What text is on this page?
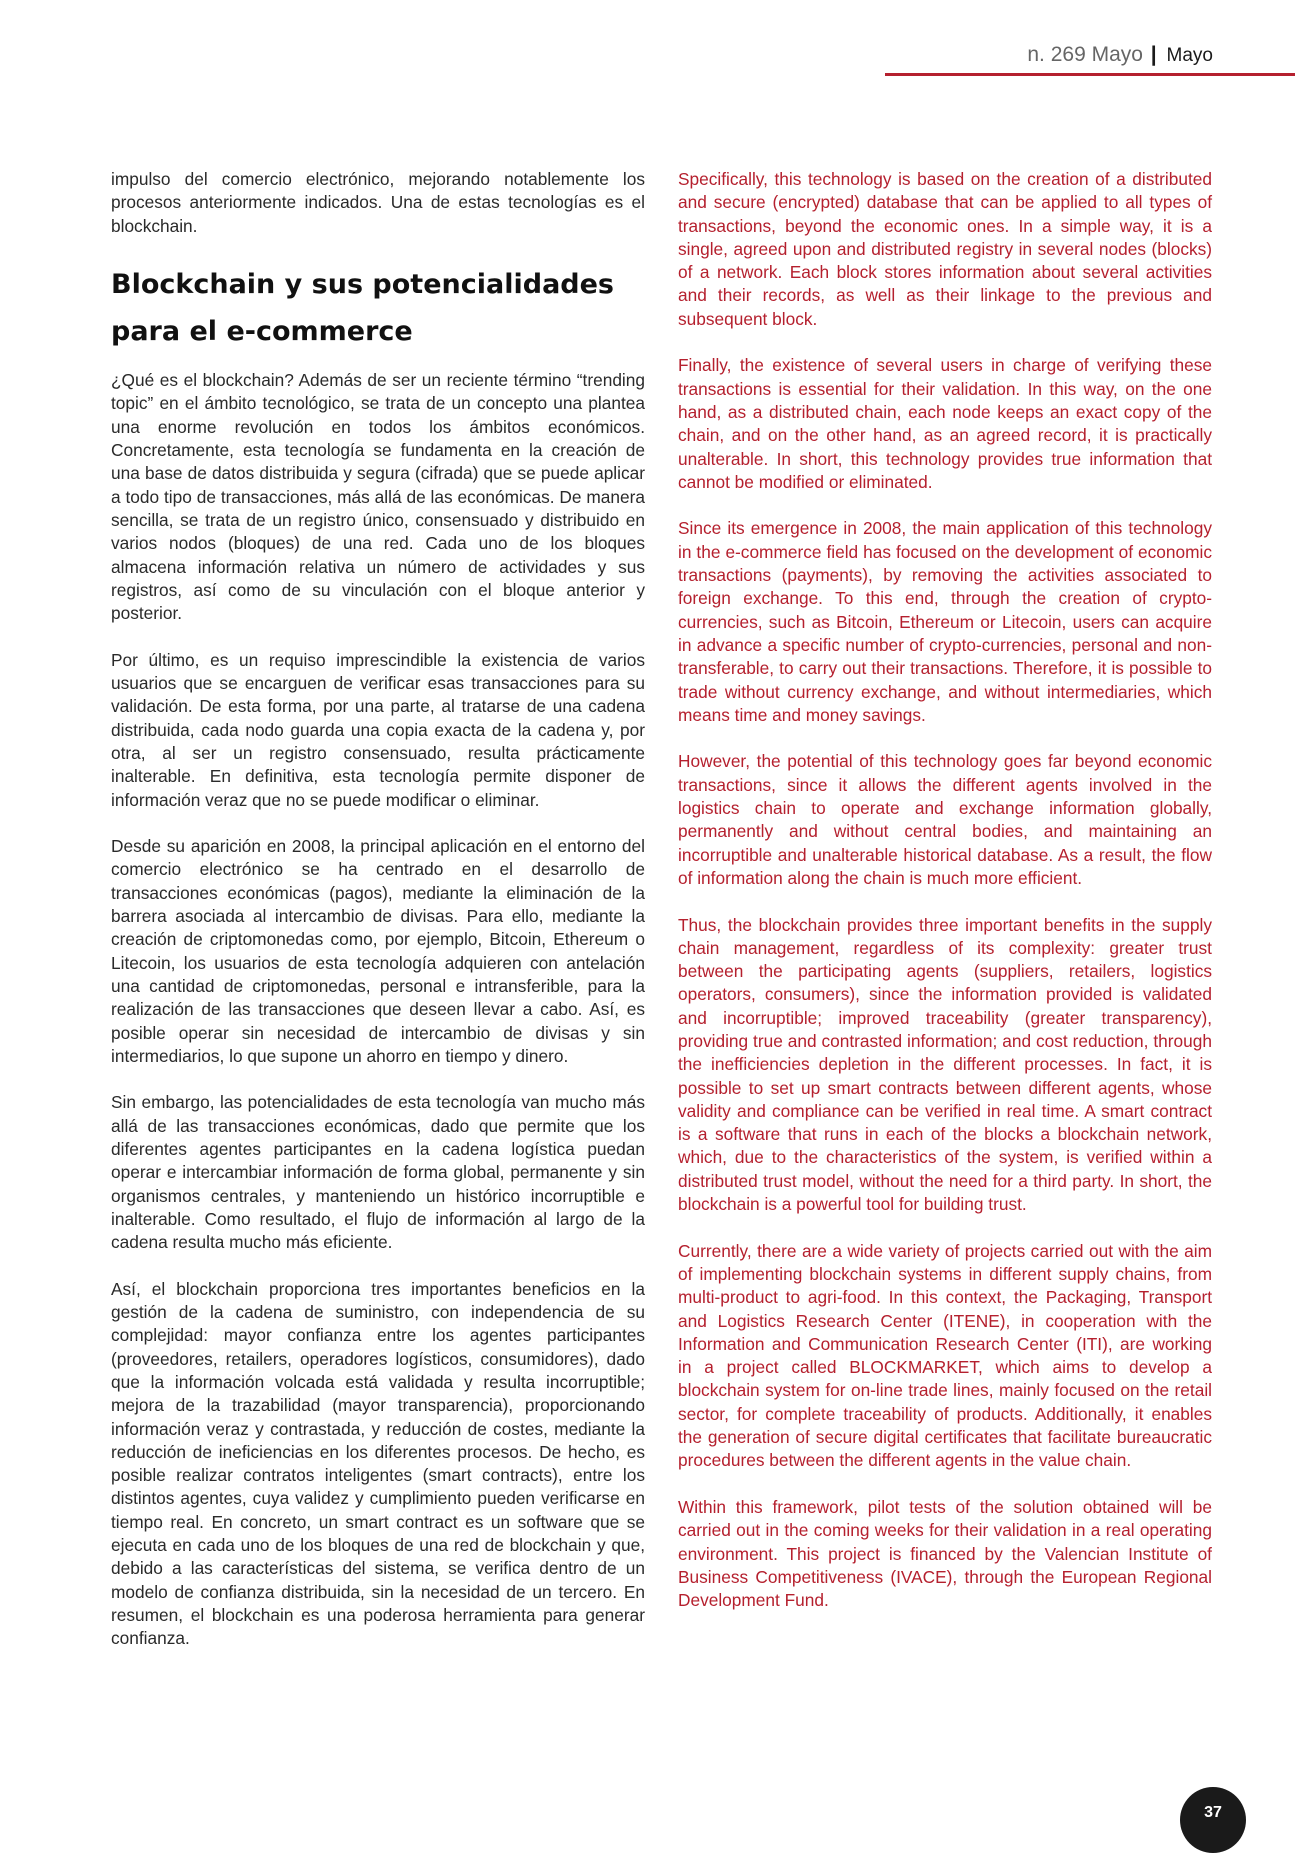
n. 269 Mayo | Mayo

impulso del comercio electrónico, mejorando notablemente los procesos anteriormente indicados. Una de estas tecnologías es el blockchain.

Blockchain y sus potencialidades para el e-commerce

¿Qué es el blockchain? Además de ser un reciente término “trending topic” en el ámbito tecnológico, se trata de un concepto una plantea una enorme revolución en todos los ámbitos económicos. Concretamente, esta tecnología se fundamenta en la creación de una base de datos distribuida y segura (cifrada) que se puede aplicar a todo tipo de transacciones, más allá de las económicas. De manera sencilla, se trata de un registro único, consensuado y distribuido en varios nodos (bloques) de una red. Cada uno de los bloques almacena información relativa un número de actividades y sus registros, así como de su vinculación con el bloque anterior y posterior.

Por último, es un requiso imprescindible la existencia de varios usuarios que se encarguen de verificar esas transacciones para su validación. De esta forma, por una parte, al tratarse de una cadena distribuida, cada nodo guarda una copia exacta de la cadena y, por otra, al ser un registro consensuado, resulta prácticamente inalterable. En definitiva, esta tecnología permite disponer de información veraz que no se puede modificar o eliminar.

Desde su aparición en 2008, la principal aplicación en el entorno del comercio electrónico se ha centrado en el desarrollo de transacciones económicas (pagos), mediante la eliminación de la barrera asociada al intercambio de divisas. Para ello, mediante la creación de criptomonedas como, por ejemplo, Bitcoin, Ethereum o Litecoin, los usuarios de esta tecnología adquieren con antelación una cantidad de criptomonedas, personal e intransferible, para la realización de las transacciones que deseen llevar a cabo. Así, es posible operar sin necesidad de intercambio de divisas y sin intermediarios, lo que supone un ahorro en tiempo y dinero.

Sin embargo, las potencialidades de esta tecnología van mucho más allá de las transacciones económicas, dado que permite que los diferentes agentes participantes en la cadena logística puedan operar e intercambiar información de forma global, permanente y sin organismos centrales, y manteniendo un histórico incorruptible e inalterable. Como resultado, el flujo de información al largo de la cadena resulta mucho más eficiente.

Así, el blockchain proporciona tres importantes beneficios en la gestión de la cadena de suministro, con independencia de su complejidad: mayor confianza entre los agentes participantes (proveedores, retailers, operadores logísticos, consumidores), dado que la información volcada está validada y resulta incorruptible; mejora de la trazabilidad (mayor transparencia), proporcionando información veraz y contrastada, y reducción de costes, mediante la reducción de ineficiencias en los diferentes procesos. De hecho, es posible realizar contratos inteligentes (smart contracts), entre los distintos agentes, cuya validez y cumplimiento pueden verificarse en tiempo real. En concreto, un smart contract es un software que se ejecuta en cada uno de los bloques de una red de blockchain y que, debido a las características del sistema, se verifica dentro de un modelo de confianza distribuida, sin la necesidad de un tercero. En resumen, el blockchain es una poderosa herramienta para generar confianza.

Specifically, this technology is based on the creation of a distributed and secure (encrypted) database that can be applied to all types of transactions, beyond the economic ones. In a simple way, it is a single, agreed upon and distributed registry in several nodes (blocks) of a network. Each block stores information about several activities and their records, as well as their linkage to the previous and subsequent block.

Finally, the existence of several users in charge of verifying these transactions is essential for their validation. In this way, on the one hand, as a distributed chain, each node keeps an exact copy of the chain, and on the other hand, as an agreed record, it is practically unalterable. In short, this technology provides true information that cannot be modified or eliminated.

Since its emergence in 2008, the main application of this technology in the e-commerce field has focused on the development of economic transactions (payments), by removing the activities associated to foreign exchange. To this end, through the creation of crypto-currencies, such as Bitcoin, Ethereum or Litecoin, users can acquire in advance a specific number of crypto-currencies, personal and non-transferable, to carry out their transactions. Therefore, it is possible to trade without currency exchange, and without intermediaries, which means time and money savings.

However, the potential of this technology goes far beyond economic transactions, since it allows the different agents involved in the logistics chain to operate and exchange information globally, permanently and without central bodies, and maintaining an incorruptible and unalterable historical database. As a result, the flow of information along the chain is much more efficient.

Thus, the blockchain provides three important benefits in the supply chain management, regardless of its complexity: greater trust between the participating agents (suppliers, retailers, logistics operators, consumers), since the information provided is validated and incorruptible; improved traceability (greater transparency), providing true and contrasted information; and cost reduction, through the inefficiencies depletion in the different processes. In fact, it is possible to set up smart contracts between different agents, whose validity and compliance can be verified in real time. A smart contract is a software that runs in each of the blocks a blockchain network, which, due to the characteristics of the system, is verified within a distributed trust model, without the need for a third party. In short, the blockchain is a powerful tool for building trust.

Currently, there are a wide variety of projects carried out with the aim of implementing blockchain systems in different supply chains, from multi-product to agri-food. In this context, the Packaging, Transport and Logistics Research Center (ITENE), in cooperation with the Information and Communication Research Center (ITI), are working in a project called BLOCKMARKET, which aims to develop a blockchain system for on-line trade lines, mainly focused on the retail sector, for complete traceability of products. Additionally, it enables the generation of secure digital certificates that facilitate bureaucratic procedures between the different agents in the value chain.

Within this framework, pilot tests of the solution obtained will be carried out in the coming weeks for their validation in a real operating environment. This project is financed by the Valencian Institute of Business Competitiveness (IVACE), through the European Regional Development Fund.

37
